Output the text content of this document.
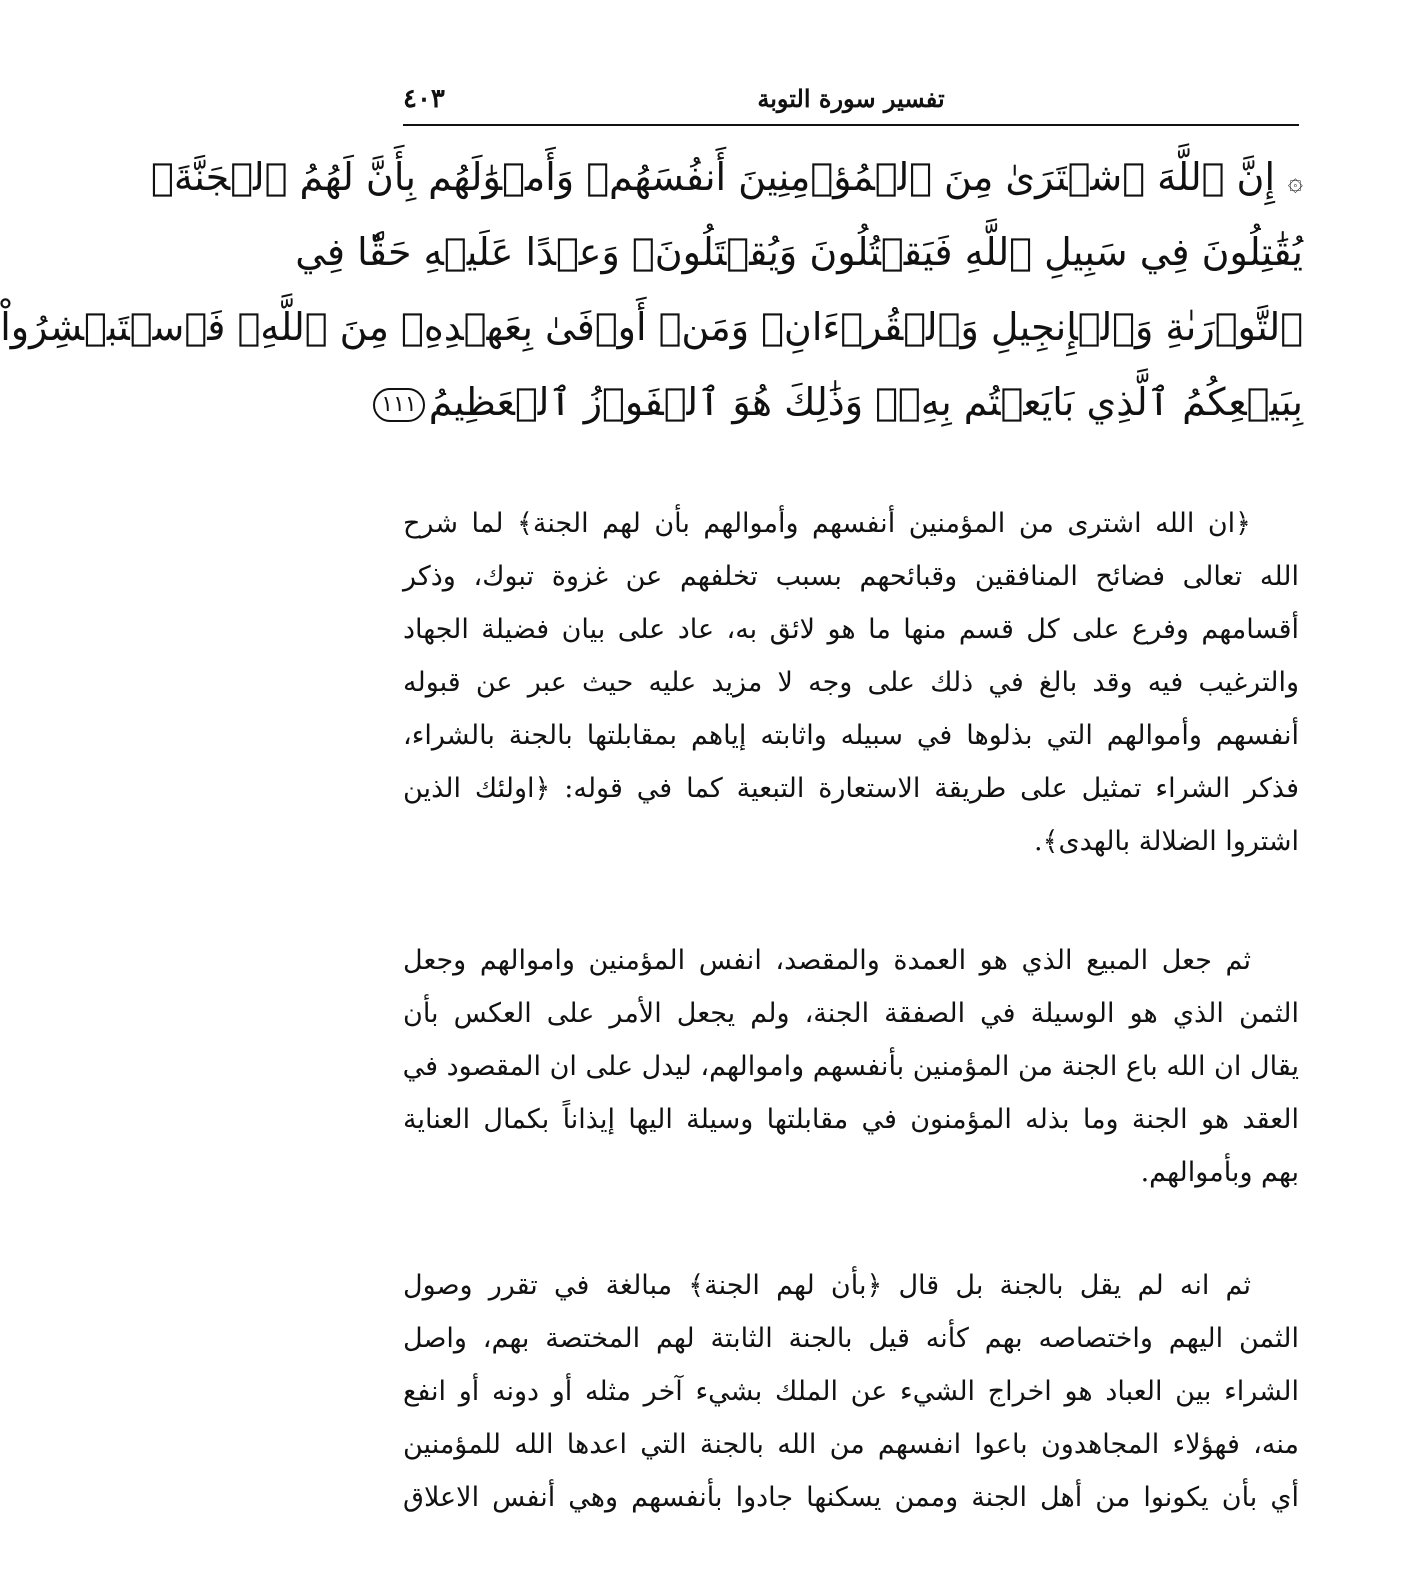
تفسير سورة التوبة
٤٠٣
۞إِنَّ ٱللَّهَ ٱشۡتَرَىٰ مِنَ ٱلۡمُؤۡمِنِينَ أَنفُسَهُمۡ وَأَمۡوَٰلَهُم بِأَنَّ لَهُمُ ٱلۡجَنَّةَۚ
يُقَٰتِلُونَ فِي سَبِيلِ ٱللَّهِ فَيَقۡتُلُونَ وَيُقۡتَلُونَۖ وَعۡدًا عَلَيۡهِ حَقّٗا فِي
ٱلتَّوۡرَىٰةِ وَٱلۡإِنجِيلِ وَٱلۡقُرۡءَانِۚ وَمَنۡ أَوۡفَىٰ بِعَهۡدِهِۦ مِنَ ٱللَّهِۚ فَٱسۡتَبۡشِرُواْ
بِبَيۡعِكُمُ ٱلَّذِي بَايَعۡتُم بِهِۦۚ وَذَٰلِكَ هُوَ ٱلۡفَوۡزُ ٱلۡعَظِيمُ١١١
﴿ان الله اشترى من المؤمنين أنفسهم وأموالهم بأن لهم الجنة﴾ لما شرح
الله تعالى فضائح المنافقين وقبائحهم بسبب تخلفهم عن غزوة تبوك، وذكر
أقسامهم وفرع على كل قسم منها ما هو لائق به، عاد على بيان فضيلة الجهاد
والترغيب فيه وقد بالغ في ذلك على وجه لا مزيد عليه حيث عبر عن قبوله
أنفسهم وأموالهم التي بذلوها في سبيله واثابته إياهم بمقابلتها بالجنة بالشراء،
فذكر الشراء تمثيل على طريقة الاستعارة التبعية كما في قوله: ﴿اولئك الذين
اشتروا الضلالة بالهدى﴾.
ثم جعل المبيع الذي هو العمدة والمقصد، انفس المؤمنين واموالهم وجعل
الثمن الذي هو الوسيلة في الصفقة الجنة، ولم يجعل الأمر على العكس بأن
يقال ان الله باع الجنة من المؤمنين بأنفسهم واموالهم، ليدل على ان المقصود في
العقد هو الجنة وما بذله المؤمنون في مقابلتها وسيلة اليها إيذاناً بكمال العناية
بهم وبأموالهم.
ثم انه لم يقل بالجنة بل قال ﴿بأن لهم الجنة﴾ مبالغة في تقرر وصول
الثمن اليهم واختصاصه بهم كأنه قيل بالجنة الثابتة لهم المختصة بهم، واصل
الشراء بين العباد هو اخراج الشيء عن الملك بشيء آخر مثله أو دونه أو انفع
منه، فهؤلاء المجاهدون باعوا انفسهم من الله بالجنة التي اعدها الله للمؤمنين
أي بأن يكونوا من أهل الجنة وممن يسكنها جادوا بأنفسهم وهي أنفس الاعلاق
